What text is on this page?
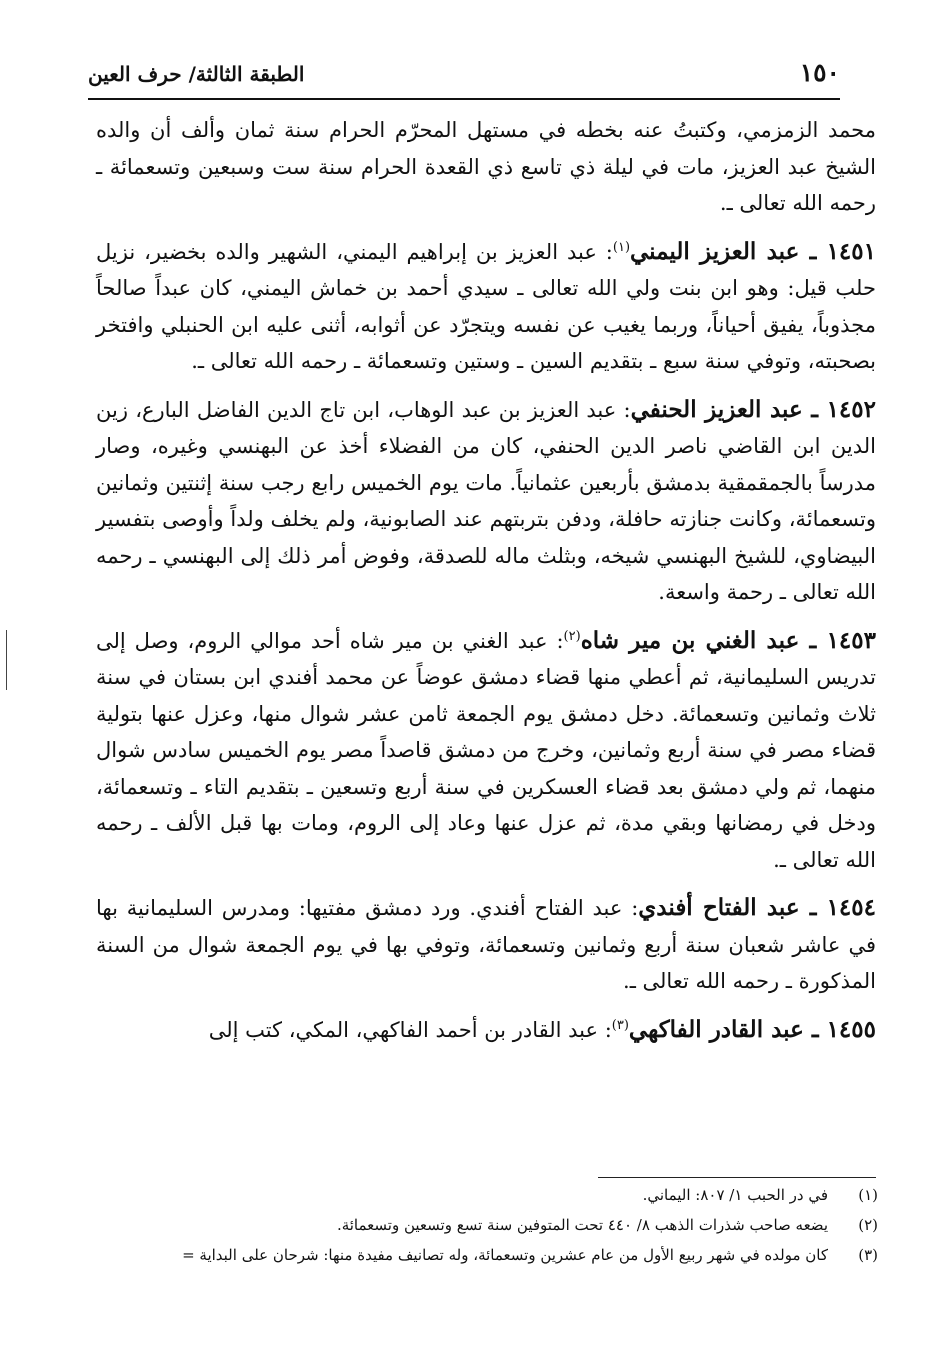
١٥٠
الطبقة الثالثة/ حرف العين

محمد الزمزمي، وكتبتُ عنه بخطه في مستهل المحرّم الحرام سنة ثمان وألف أن والده الشيخ عبد العزيز، مات في ليلة ذي تاسع ذي القعدة الحرام سنة ست وسبعين وتسعمائة ـ رحمه الله تعالى ـ.

١٤٥١ ـ عبد العزيز اليمني$^{(١)}$: عبد العزيز بن إبراهيم اليمني، الشهير والده بخضير، نزيل حلب قيل: وهو ابن بنت ولي الله تعالى ـ سيدي أحمد بن خماش اليمني، كان عبداً صالحاً مجذوباً، يفيق أحياناً، وربما يغيب عن نفسه ويتجرّد عن أثوابه، أثنى عليه ابن الحنبلي وافتخر بصحبته، وتوفي سنة سبع ـ بتقديم السين ـ وستين وتسعمائة ـ رحمه الله تعالى ـ.

١٤٥٢ ـ عبد العزيز الحنفي: عبد العزيز بن عبد الوهاب، ابن تاج الدين الفاضل البارع، زين الدين ابن القاضي ناصر الدين الحنفي، كان من الفضلاء أخذ عن البهنسي وغيره، وصار مدرساً بالجمقمقية بدمشق بأربعين عثمانياً. مات يوم الخميس رابع رجب سنة إثنتين وثمانين وتسعمائة، وكانت جنازته حافلة، ودفن بتربتهم عند الصابونية، ولم يخلف ولداً وأوصى بتفسير البيضاوي، للشيخ البهنسي شيخه، وبثلث ماله للصدقة، وفوض أمر ذلك إلى البهنسي ـ رحمه الله تعالى ـ رحمة واسعة.

١٤٥٣ ـ عبد الغني بن مير شاه$^{(٢)}$: عبد الغني بن مير شاه أحد موالي الروم، وصل إلى تدريس السليمانية، ثم أعطي منها قضاء دمشق عوضاً عن محمد أفندي ابن بستان في سنة ثلاث وثمانين وتسعمائة. دخل دمشق يوم الجمعة ثامن عشر شوال منها، وعزل عنها بتولية قضاء مصر في سنة أربع وثمانين، وخرج من دمشق قاصداً مصر يوم الخميس سادس شوال منهما، ثم ولي دمشق بعد قضاء العسكرين في سنة أربع وتسعين ـ بتقديم التاء ـ وتسعمائة، ودخل في رمضانها وبقي مدة، ثم عزل عنها وعاد إلى الروم، ومات بها قبل الألف ـ رحمه الله تعالى ـ.

١٤٥٤ ـ عبد الفتاح أفندي: عبد الفتاح أفندي. ورد دمشق مفتيها: ومدرس السليمانية بها في عاشر شعبان سنة أربع وثمانين وتسعمائة، وتوفي بها في يوم الجمعة شوال من السنة المذكورة ـ رحمه الله تعالى ـ.

١٤٥٥ ـ عبد القادر الفاكهي$^{(٣)}$: عبد القادر بن أحمد الفاكهي، المكي، كتب إلى

(١)
في در الحبب ١/ ٨٠٧: اليماني.
(٢)
يضعه صاحب شذرات الذهب ٨/ ٤٤٠ تحت المتوفين سنة تسع وتسعين وتسعمائة.
(٣)
كان مولده في شهر ربيع الأول من عام عشرين وتسعمائة، وله تصانيف مفيدة منها: شرحان على البداية =
